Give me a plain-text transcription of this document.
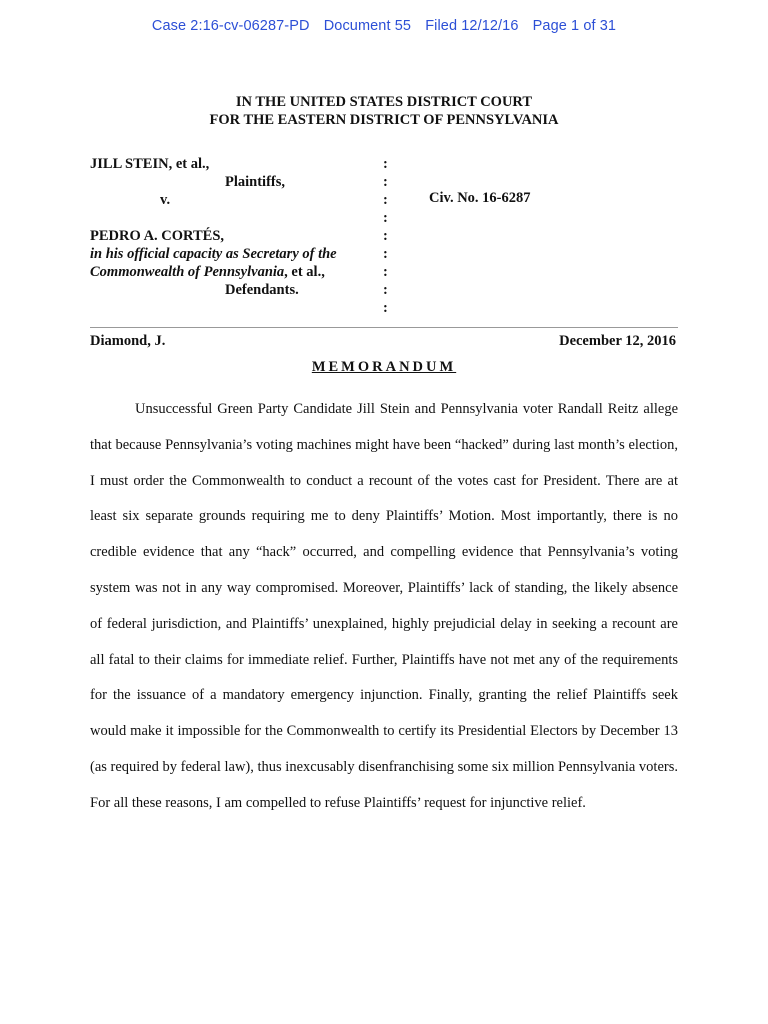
Case 2:16-cv-06287-PD Document 55 Filed 12/12/16 Page 1 of 31
IN THE UNITED STATES DISTRICT COURT
FOR THE EASTERN DISTRICT OF PENNSYLVANIA
JILL STEIN, et al.,
Plaintiffs,
v.
PEDRO A. CORTÉS,
in his official capacity as Secretary of the
Commonwealth of Pennsylvania, et al.,
Defendants.
:
:
:
:
:
:
:
:
:
Civ. No. 16-6287
Diamond, J.	December 12, 2016
MEMORANDUM

Unsuccessful Green Party Candidate Jill Stein and Pennsylvania voter Randall Reitz allege that because Pennsylvania’s voting machines might have been “hacked” during last month’s election, I must order the Commonwealth to conduct a recount of the votes cast for President. There are at least six separate grounds requiring me to deny Plaintiffs’ Motion. Most importantly, there is no credible evidence that any “hack” occurred, and compelling evidence that Pennsylvania’s voting system was not in any way compromised. Moreover, Plaintiffs’ lack of standing, the likely absence of federal jurisdiction, and Plaintiffs’ unexplained, highly prejudicial delay in seeking a recount are all fatal to their claims for immediate relief. Further, Plaintiffs have not met any of the requirements for the issuance of a mandatory emergency injunction. Finally, granting the relief Plaintiffs seek would make it impossible for the Commonwealth to certify its Presidential Electors by December 13 (as required by federal law), thus inexcusably disenfranchising some six million Pennsylvania voters. For all these reasons, I am compelled to refuse Plaintiffs’ request for injunctive relief.
